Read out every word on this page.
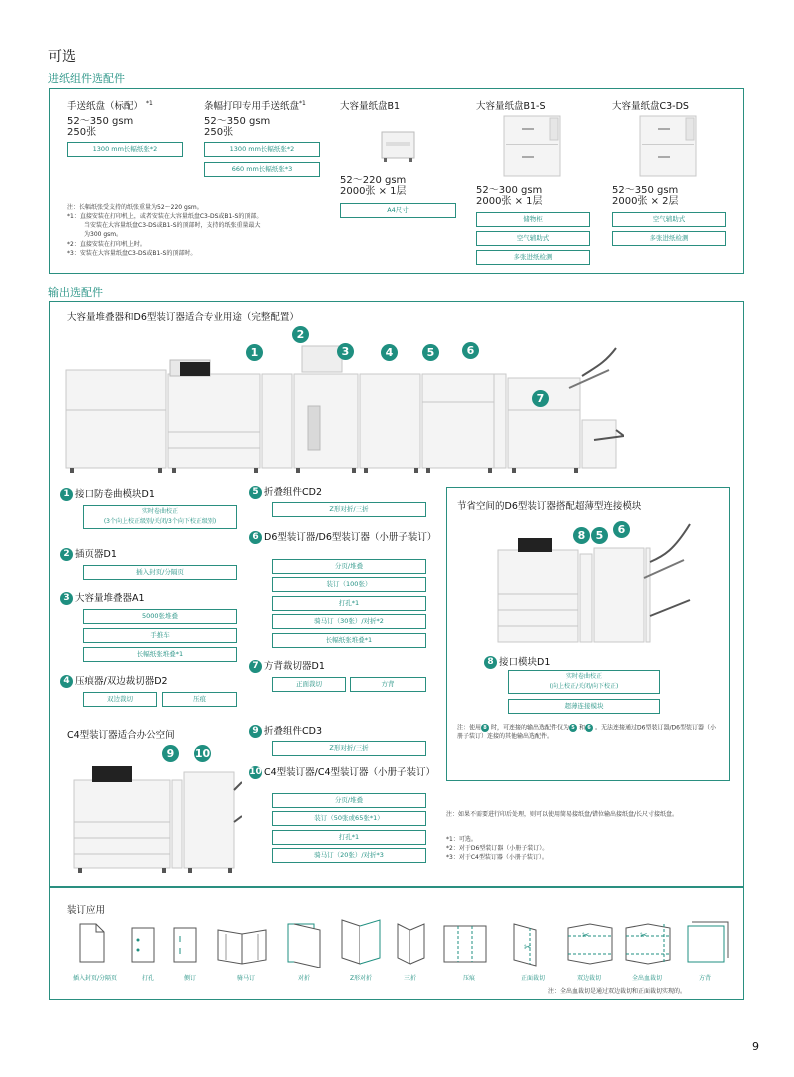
可选
进纸组件选配件
手送纸盘（标配） $^{*1}$
52～350 gsm
250张
1300 mm长幅纸张*2
条幅打印专用手送纸盘$^{*1}$
52～350 gsm
250张
1300 mm长幅纸张*2
660 mm长幅纸张*3
大容量纸盘B1
52～220 gsm
2000张 × 1层
A4尺寸
大容量纸盘B1-S
52～300 gsm
2000张 × 1层
储物柜
空气辅助式
多张进纸检测
大容量纸盘C3-DS
52～350 gsm
2000张 × 2层
空气辅助式
多张进纸检测
注：长幅纸张受支持的纸张重量为52～220 gsm。
*1：直接安装在打印机上，或者安装在大容量纸盘C3-DS或B1-S的顶部。
当安装在大容量纸盘C3-DS或B1-S的顶部时，支持的纸张重量最大
为300 gsm。
*2：直接安装在打印机上时。
*3：安装在大容量纸盘C3-DS或B1-S的顶部时。
输出选配件
大容量堆叠器和D6型装订器适合专业用途（完整配置）
1
2
3	4	5	6
7
1 接口防卷曲模块D1
实时卷曲校正
(3个向上校正级别/关闭/3个向下校正级别)
2 插页器D1
插入封页/分隔页
3 大容量堆叠器A1
5000张堆叠
手推车
长幅纸张堆叠*1
4 压痕器/双边裁切器D2
双边裁切	压痕
5 折叠组件CD2
Z形对折/三折
6 D6型装订器/D6型装订器（小册子装订）
分页/堆叠
装订（100张）
打孔*1
骑马订（30张）/对折*2
长幅纸张堆叠*1
7 方背裁切器D1
正面裁切	方背
C4型装订器适合办公空间
9	10
9 折叠组件CD3
Z形对折/三折
10 C4型装订器/C4型装订器（小册子装订）
分页/堆叠
装订（50张或65张*1）
打孔*1
骑马订（20张）/对折*3
节省空间的D6型装订器搭配超薄型连接模块
8 5	6
8 接口模块D1
实时卷曲校正
(向上校正/关闭/向下校正)
超薄连接模块
注：使用 8 时，可连接的输出选配件仅为 5 和 6 。无法连接通过D6型装订器/D6型装订器（小册子装订）连接的其他输出选配件。
注：如果不需要进行印后处理，则可以使用简易接纸盘/错位输出接纸盘/长尺寸接纸盘。
*1：可选。
*2：对于D6型装订器（小册子装订）。
*3：对于C4型装订器（小册子装订）。
装订应用
✂
✂	✂
插入封页/分隔页	打孔	侧订	骑马订	对折	Z形对折	三折	压痕	正面裁切	双边裁切	全出血裁切	方背
注：全出血裁切是通过双边裁切和正面裁切实现的。
9
